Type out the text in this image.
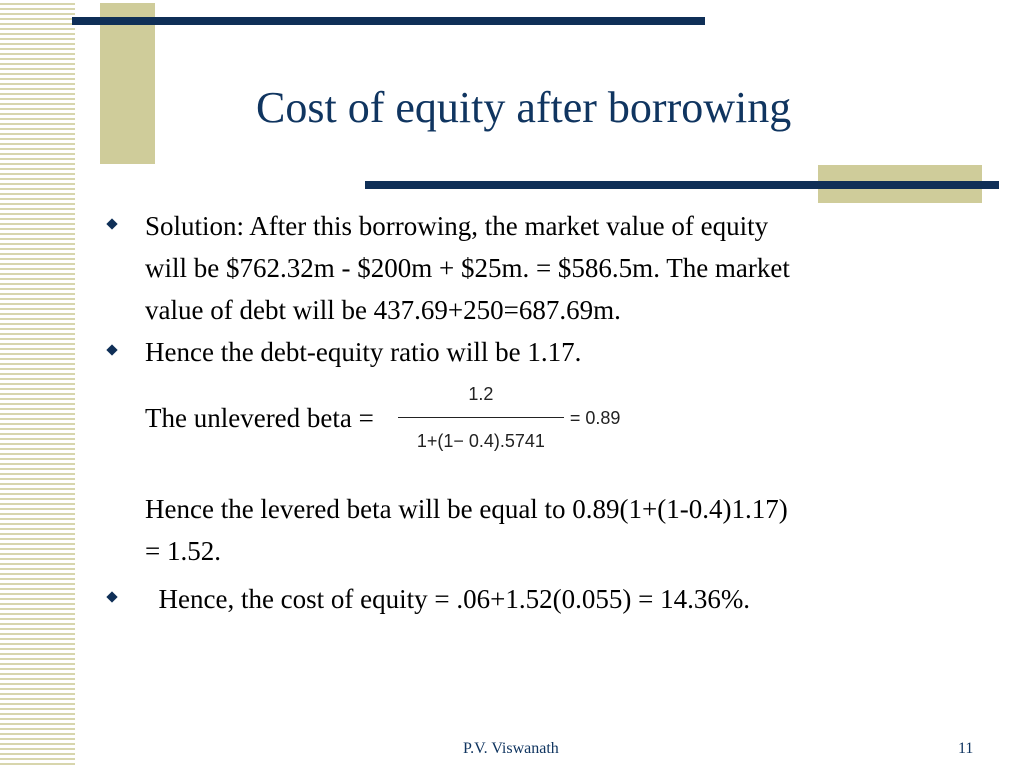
Cost of equity after borrowing
Solution: After this borrowing, the market value of equity
will be $762.32m - $200m + $25m. = $586.5m. The market
value of debt will be 437.69+250=687.69m.
Hence the debt-equity ratio will be 1.17.
The unlevered beta = $\frac{1.2}{1+(1- 0.4).5741} = 0.89$
Hence the levered beta will be equal to 0.89(1+(1-0.4)1.17)
= 1.52.
Hence, the cost of equity = .06+1.52(0.055) = 14.36%.
P.V. Viswanath	11
